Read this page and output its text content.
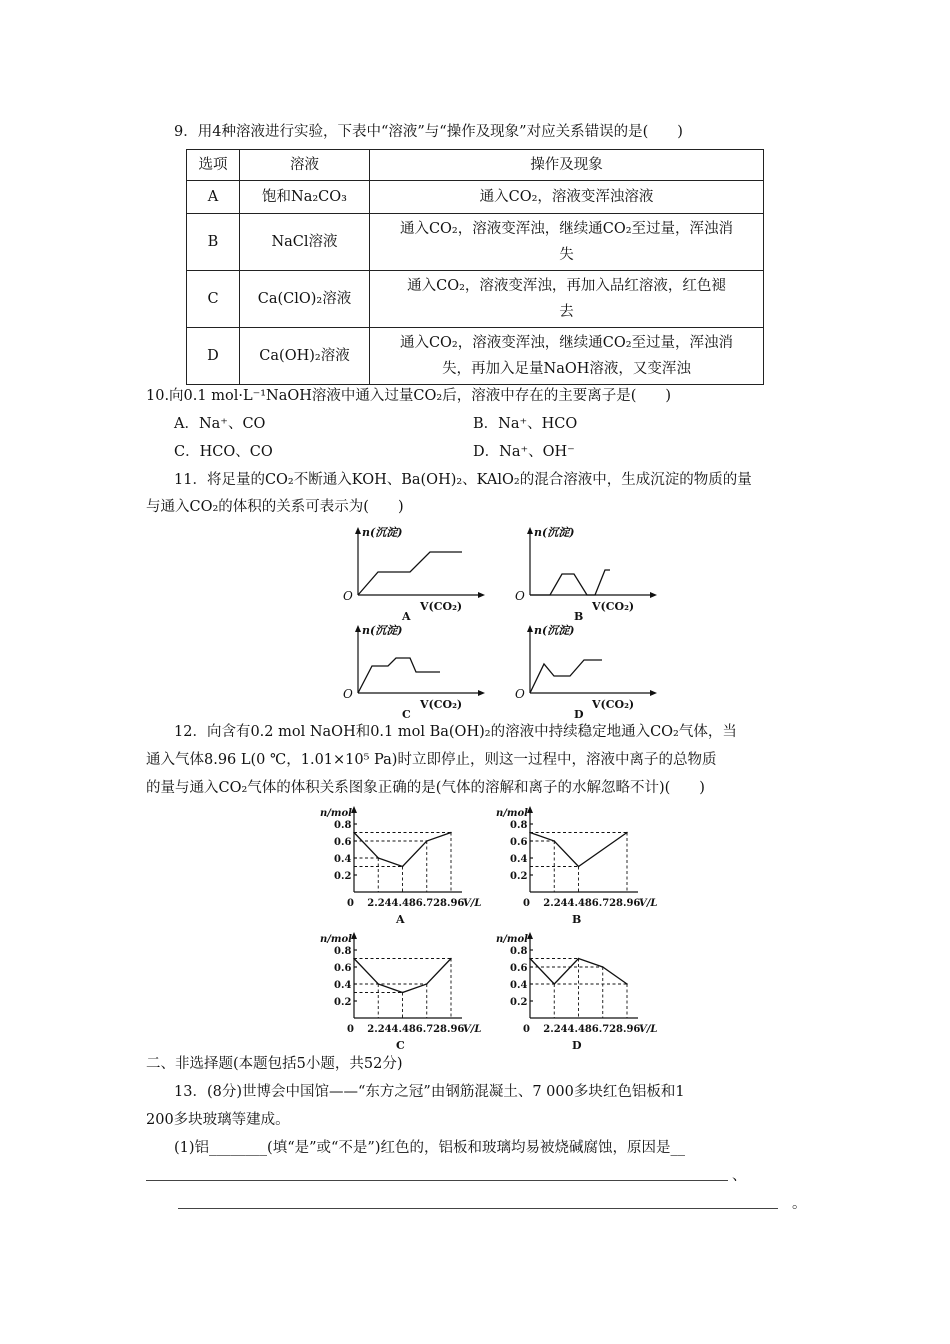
9．用4种溶液进行实验，下表中“溶液”与“操作及现象”对应关系错误的是(　　)
选项	溶液	操作及现象
A	饱和Na₂CO₃	通入CO₂，溶液变浑浊溶液
B	NaCl溶液	通入CO₂，溶液变浑浊，继续通CO₂至过量，浑浊消
失
C	Ca(ClO)₂溶液	通入CO₂，溶液变浑浊，再加入品红溶液，红色褪
去
D	Ca(OH)₂溶液	通入CO₂，溶液变浑浊，继续通CO₂至过量，浑浊消
失，再加入足量NaOH溶液，又变浑浊
10.向0.1 mol·L⁻¹NaOH溶液中通入过量CO₂后，溶液中存在的主要离子是(　　)
A．Na⁺、CO	B．Na⁺、HCO
C．HCO、CO	D．Na⁺、OH⁻
11．将足量的CO₂不断通入KOH、Ba(OH)₂、KAlO₂的混合溶液中，生成沉淀的物质的量
与通入CO₂的体积的关系可表示为(　　)
n(沉淀)
O
V(CO₂)
A
n(沉淀)
O
V(CO₂)
B
n(沉淀)
O
V(CO₂)
C
n(沉淀)
O
V(CO₂)
D
12．向含有0.2 mol NaOH和0.1 mol Ba(OH)₂的溶液中持续稳定地通入CO₂气体，当
通入气体8.96 L(0 ℃，1.01×10⁵ Pa)时立即停止，则这一过程中，溶液中离子的总物质
的量与通入CO₂气体的体积关系图象正确的是(气体的溶解和离子的水解忽略不计)(　　)
n/mol
V/L
0
0.8
0.6
0.4
0.2
2.24 4.48 6.72 8.96
A
n/mol
V/L
0
0.8
0.6
0.4
0.2
2.24 4.48 6.72 8.96
B
n/mol
V/L
0
0.8
0.6
0.4
0.2
2.24 4.48 6.72 8.96
C
n/mol
V/L
0
0.8
0.6
0.4
0.2
2.24 4.48 6.72 8.96
D
二、非选择题(本题包括5小题，共52分)
13．(8分)世博会中国馆——“东方之冠”由钢筋混凝土、7 000多块红色铝板和1
200多块玻璃等建成。
(1)铝________(填“是”或“不是”)红色的，铝板和玻璃均易被烧碱腐蚀，原因是__
、
。
